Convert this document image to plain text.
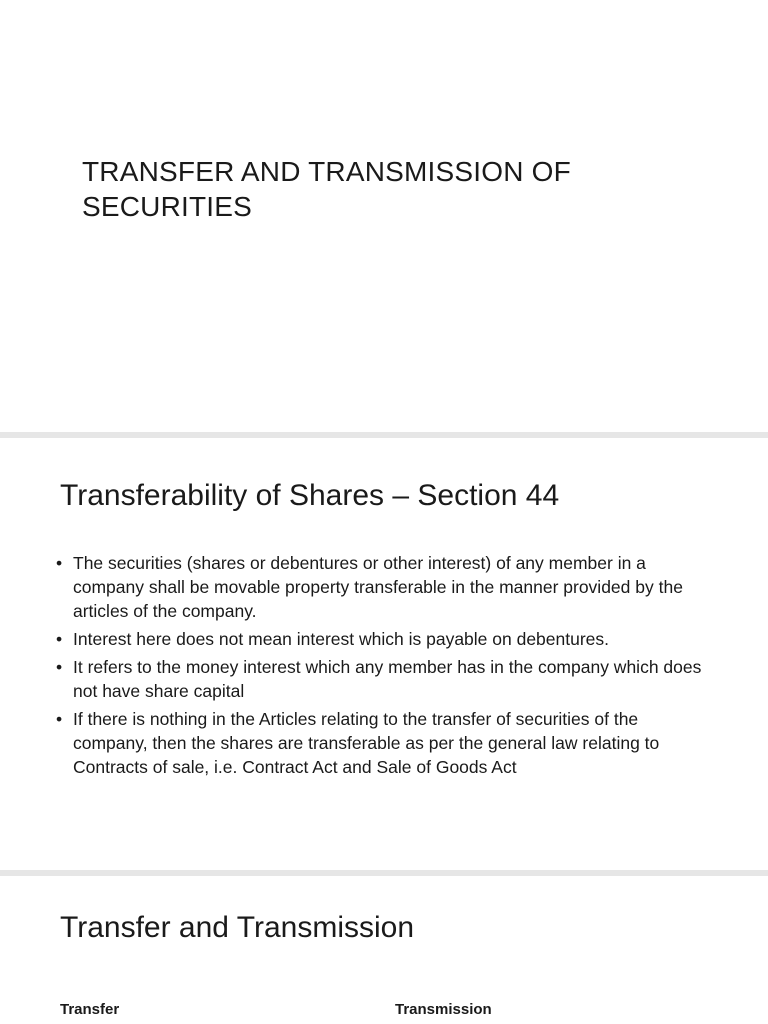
TRANSFER AND TRANSMISSION OF SECURITIES
Transferability of Shares – Section 44
• The securities (shares or debentures or other interest) of any member in a company shall be movable property transferable in the manner provided by the articles of the company.
• Interest here does not mean interest which is payable on debentures.
• It refers to the money interest which any member has in the company which does not have share capital
• If there is nothing in the Articles relating to the transfer of securities of the company, then the shares are transferable as per the general law relating to Contracts of sale, i.e. Contract Act and Sale of Goods Act
Transfer and Transmission

Transfer	Transmission
